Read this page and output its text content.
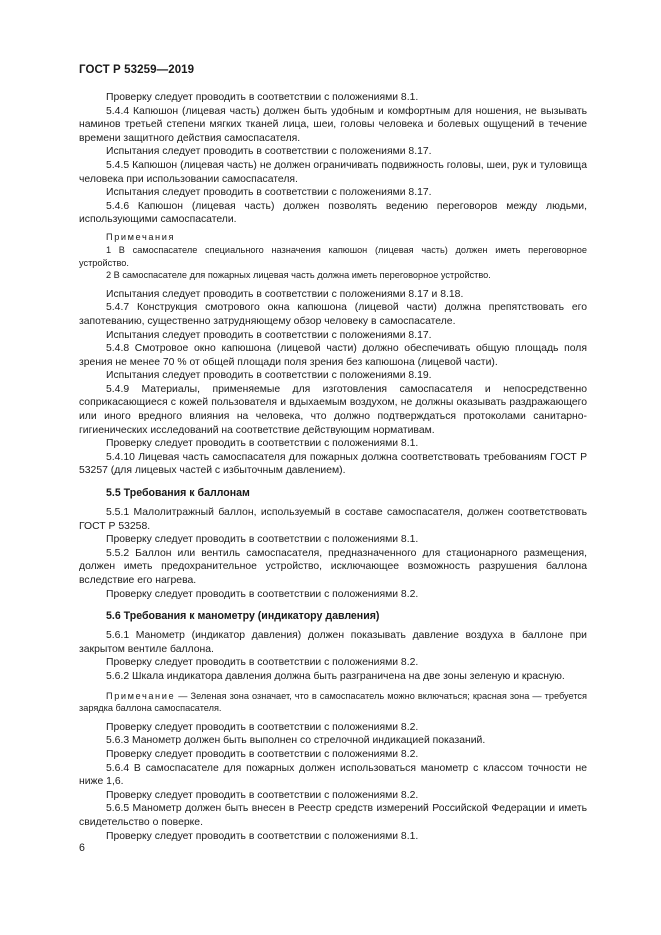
ГОСТ Р 53259—2019

Проверку следует проводить в соответствии с положениями 8.1.

5.4.4 Капюшон (лицевая часть) должен быть удобным и комфортным для ношения, не вызывать наминов третьей степени мягких тканей лица, шеи, головы человека и болевых ощущений в течение времени защитного действия самоспасателя.

Испытания следует проводить в соответствии с положениями 8.17.

5.4.5 Капюшон (лицевая часть) не должен ограничивать подвижность головы, шеи, рук и туловища человека при использовании самоспасателя.

Испытания следует проводить в соответствии с положениями 8.17.

5.4.6 Капюшон (лицевая часть) должен позволять ведению переговоров между людьми, использующими самоспасатели.

Примечания

1 В самоспасателе специального назначения капюшон (лицевая часть) должен иметь переговорное устройство.

2 В самоспасателе для пожарных лицевая часть должна иметь переговорное устройство.

Испытания следует проводить в соответствии с положениями 8.17 и 8.18.

5.4.7 Конструкция смотрового окна капюшона (лицевой части) должна препятствовать его запотеванию, существенно затрудняющему обзор человеку в самоспасателе.

Испытания следует проводить в соответствии с положениями 8.17.

5.4.8 Смотровое окно капюшона (лицевой части) должно обеспечивать общую площадь поля зрения не менее 70 % от общей площади поля зрения без капюшона (лицевой части).

Испытания следует проводить в соответствии с положениями 8.19.

5.4.9 Материалы, применяемые для изготовления самоспасателя и непосредственно соприкасающиеся с кожей пользователя и вдыхаемым воздухом, не должны оказывать раздражающего или иного вредного влияния на человека, что должно подтверждаться протоколами санитарно-гигиенических исследований на соответствие действующим нормативам.

Проверку следует проводить в соответствии с положениями 8.1.

5.4.10 Лицевая часть самоспасателя для пожарных должна соответствовать требованиям ГОСТ Р 53257 (для лицевых частей с избыточным давлением).

5.5 Требования к баллонам

5.5.1 Малолитражный баллон, используемый в составе самоспасателя, должен соответствовать ГОСТ Р 53258.

Проверку следует проводить в соответствии с положениями 8.1.

5.5.2 Баллон или вентиль самоспасателя, предназначенного для стационарного размещения, должен иметь предохранительное устройство, исключающее возможность разрушения баллона вследствие его нагрева.

Проверку следует проводить в соответствии с положениями 8.2.

5.6 Требования к манометру (индикатору давления)

5.6.1 Манометр (индикатор давления) должен показывать давление воздуха в баллоне при закрытом вентиле баллона.

Проверку следует проводить в соответствии с положениями 8.2.

5.6.2 Шкала индикатора давления должна быть разграничена на две зоны зеленую и красную.

Примечание — Зеленая зона означает, что в самоспасатель можно включаться; красная зона — требуется зарядка баллона самоспасателя.

Проверку следует проводить в соответствии с положениями 8.2.

5.6.3 Манометр должен быть выполнен со стрелочной индикацией показаний.

Проверку следует проводить в соответствии с положениями 8.2.

5.6.4 В самоспасателе для пожарных должен использоваться манометр с классом точности не ниже 1,6.

Проверку следует проводить в соответствии с положениями 8.2.

5.6.5 Манометр должен быть внесен в Реестр средств измерений Российской Федерации и иметь свидетельство о поверке.

Проверку следует проводить в соответствии с положениями 8.1.

6
